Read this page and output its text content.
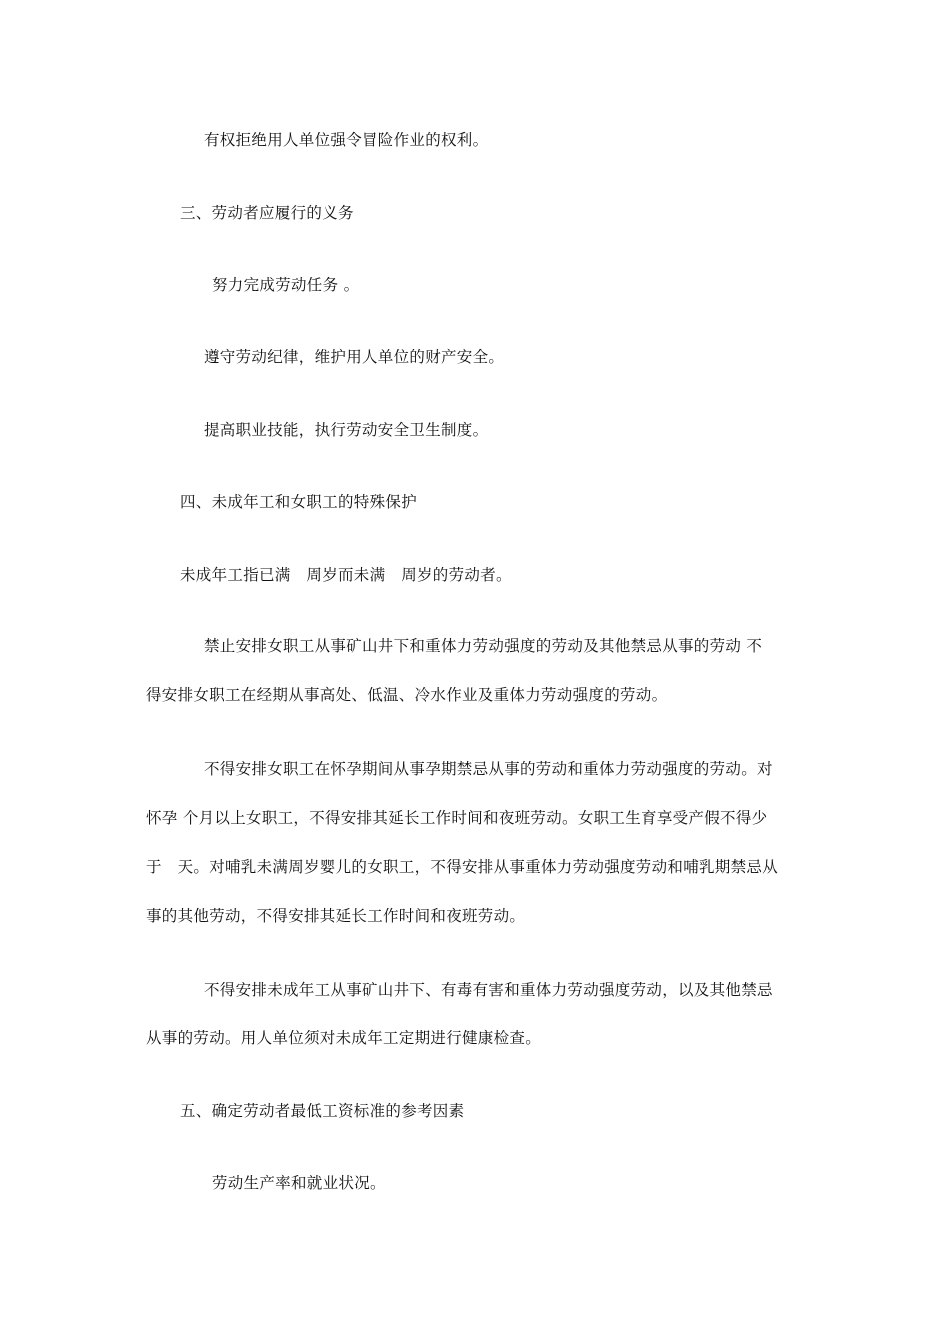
有权拒绝用人单位强令冒险作业的权利。
三、劳动者应履行的义务
努力完成劳动任务 。
遵守劳动纪律，维护用人单位的财产安全。
提高职业技能，执行劳动安全卫生制度。
四、未成年工和女职工的特殊保护
未成年工指已满　周岁而未满　周岁的劳动者。
禁止安排女职工从事矿山井下和重体力劳动强度的劳动及其他禁忌从事的劳动 不
得安排女职工在经期从事高处、低温、冷水作业及重体力劳动强度的劳动。
不得安排女职工在怀孕期间从事孕期禁忌从事的劳动和重体力劳动强度的劳动。对
怀孕 个月以上女职工，不得安排其延长工作时间和夜班劳动。女职工生育享受产假不得少
于　天。对哺乳未满周岁婴儿的女职工，不得安排从事重体力劳动强度劳动和哺乳期禁忌从
事的其他劳动，不得安排其延长工作时间和夜班劳动。
不得安排未成年工从事矿山井下、有毒有害和重体力劳动强度劳动，以及其他禁忌
从事的劳动。用人单位须对未成年工定期进行健康检查。
五、确定劳动者最低工资标准的参考因素
劳动生产率和就业状况。
